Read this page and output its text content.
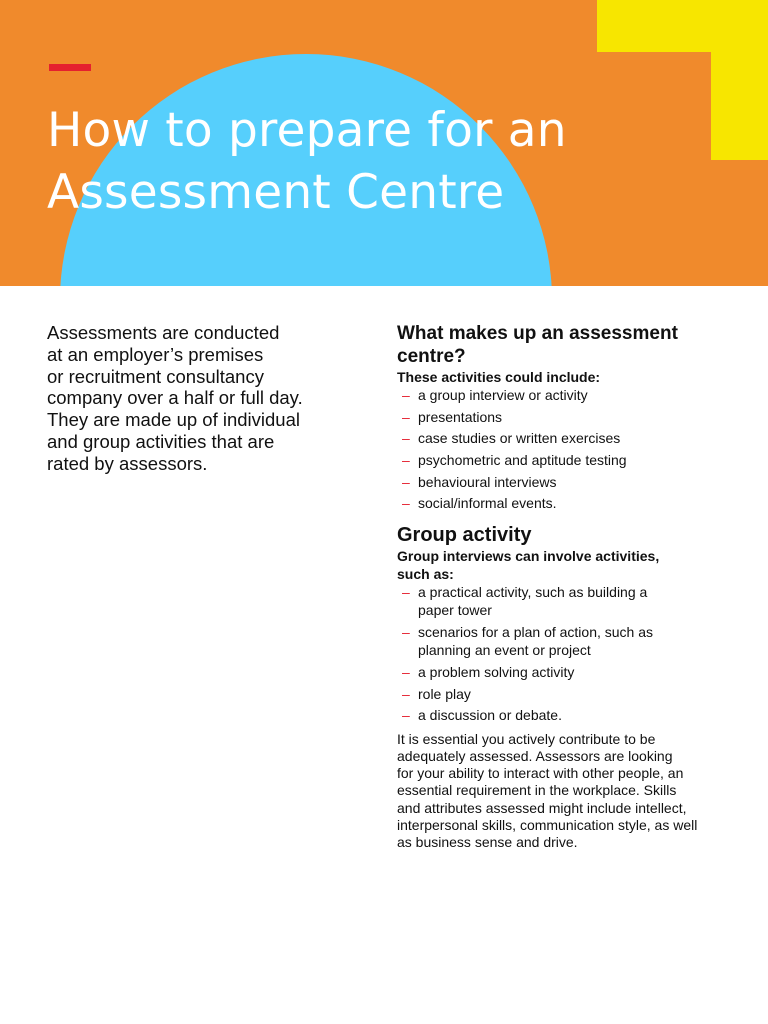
How to prepare for an
Assessment Centre

Assessments are conducted
at an employer’s premises
or recruitment consultancy
company over a half or full day.
They are made up of individual
and group activities that are
rated by assessors.

What makes up an assessment
centre?
These activities could include:
– a group interview or activity
– presentations
– case studies or written exercises
– psychometric and aptitude testing
– behavioural interviews
– social/informal events.
Group activity
Group interviews can involve activities,
such as:
– a practical activity, such as building a
paper tower
– scenarios for a plan of action, such as
planning an event or project
– a problem solving activity
– role play
– a discussion or debate.

It is essential you actively contribute to be
adequately assessed. Assessors are looking
for your ability to interact with other people, an
essential requirement in the workplace. Skills
and attributes assessed might include intellect,
interpersonal skills, communication style, as well
as business sense and drive.
